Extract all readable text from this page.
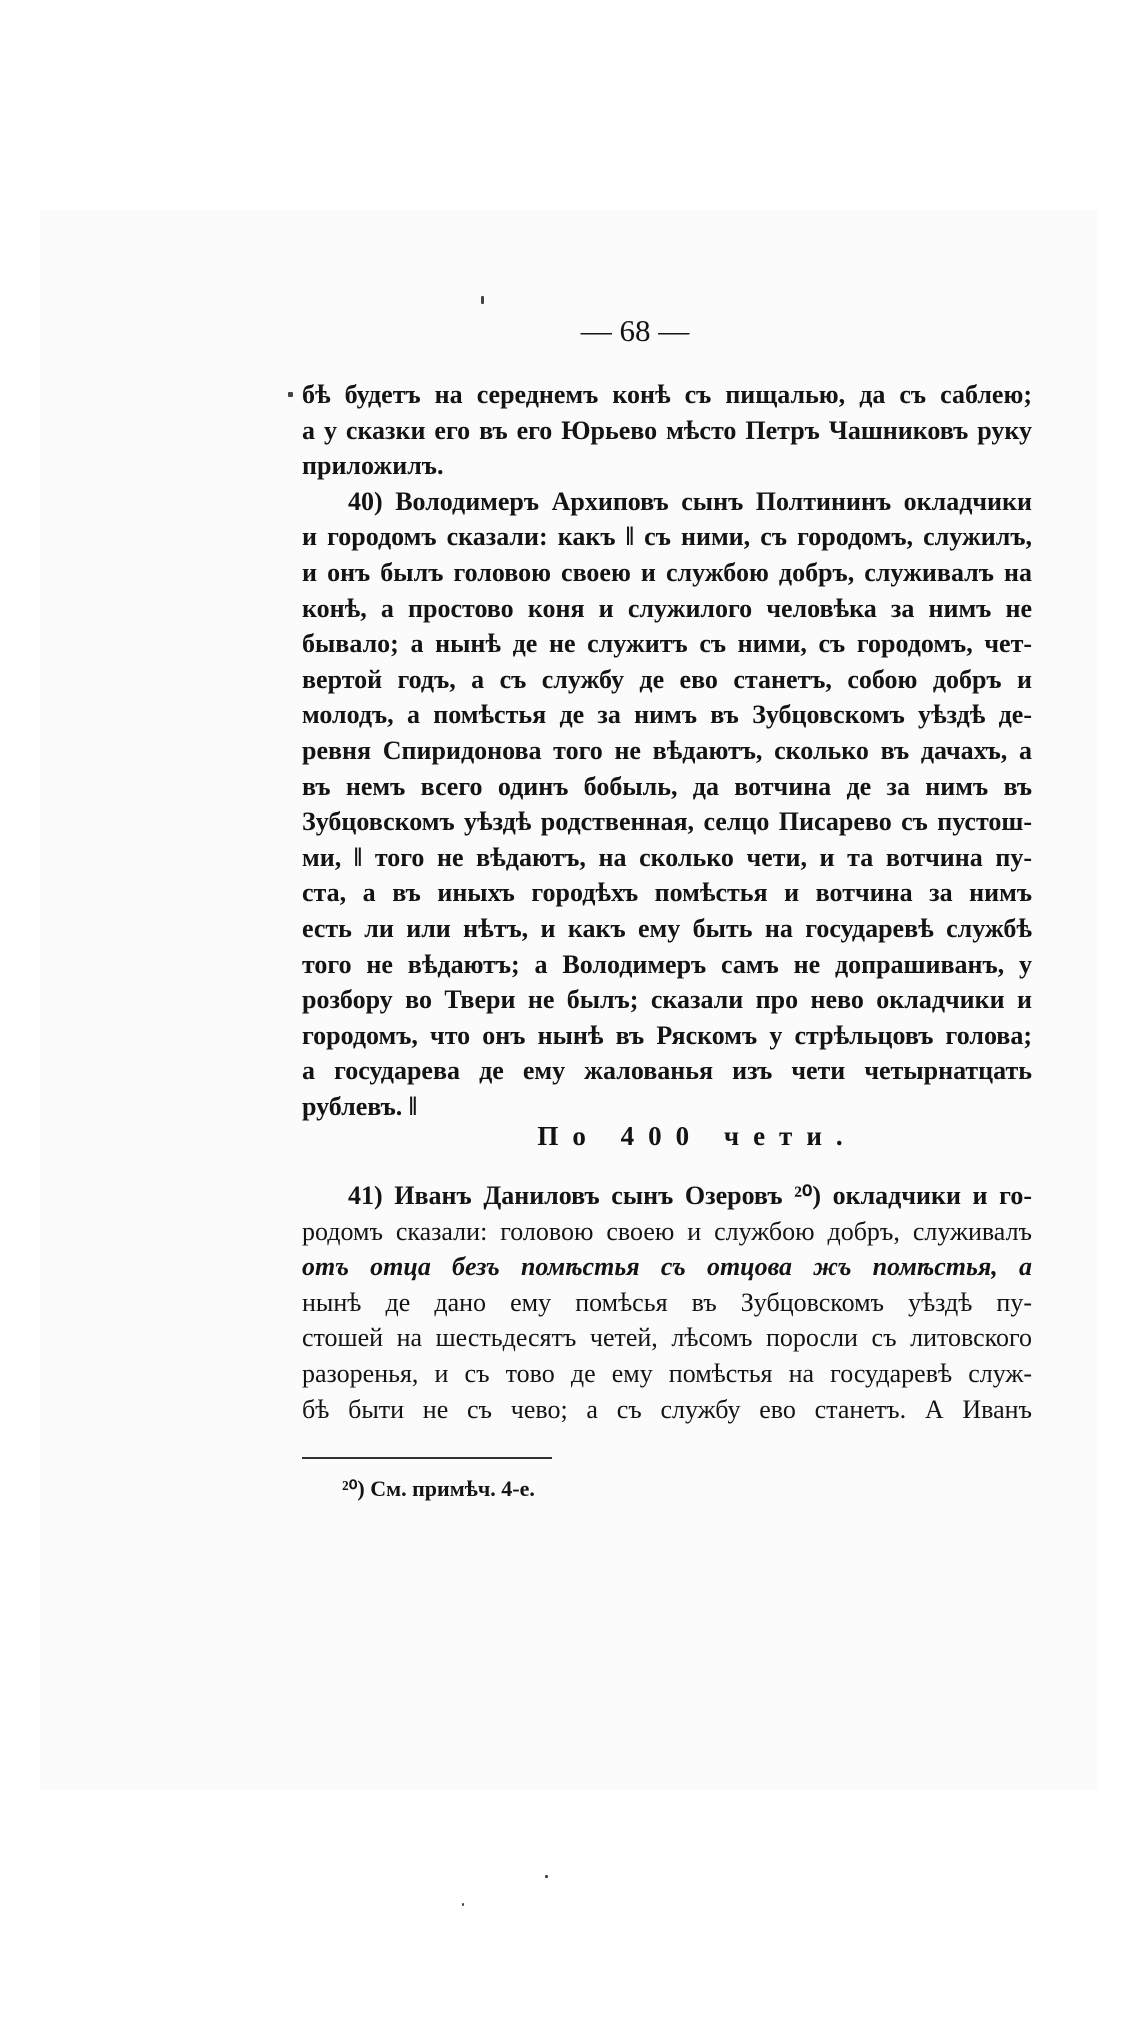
— 68 —
бѣ будетъ на середнемъ конѣ съ пищалью, да съ саблею;
а у сказки его въ его Юрьево мѣсто Петръ Чашниковъ руку
приложилъ.
40) Володимеръ Архиповъ сынъ Полтининъ окладчики
и городомъ сказали: какъ ‖ съ ними, съ городомъ, служилъ,
и онъ былъ головою своею и службою добръ, служивалъ на
конѣ, а простово коня и служилого человѣка за нимъ не
бывало; а нынѣ де не служитъ съ ними, съ городомъ, чет-
вертой годъ, а съ службу де ево станетъ, собою добръ и
молодъ, а помѣстья де за нимъ въ Зубцовскомъ уѣздѣ де-
ревня Спиридонова того не вѣдаютъ, сколько въ дачахъ, а
въ немъ всего одинъ бобыль, да вотчина де за нимъ въ
Зубцовскомъ уѣздѣ родственная, селцо Писарево съ пустош-
ми, ‖ того не вѣдаютъ, на сколько чети, и та вотчина пу-
ста, а въ иныхъ городѣхъ помѣстья и вотчина за нимъ
есть ли или нѣтъ, и какъ ему быть на государевѣ службѣ
того не вѣдаютъ; а Володимеръ самъ не допрашиванъ, у
розбору во Твери не былъ; сказали про нево окладчики и
городомъ, что онъ нынѣ въ Ряскомъ у стрѣльцовъ голова;
а государева де ему жалованья изъ чети четырнатцать
рублевъ. ‖
По 400 чети.
41) Иванъ Даниловъ сынъ Озеровъ ²⁰) окладчики и го-
родомъ сказали: головою своею и службою добръ, служивалъ
отъ отца безъ помѣстья съ отцова жъ помѣстья, а
нынѣ де дано ему помѣсья въ Зубцовскомъ уѣздѣ пу-
стошей на шестьдесятъ четей, лѣсомъ поросли съ литовского
разоренья, и съ тово де ему помѣстья на государевѣ служ-
бѣ быти не съ чево; а съ службу ево станетъ. А Иванъ
²⁰) См. примѣч. 4-е.
